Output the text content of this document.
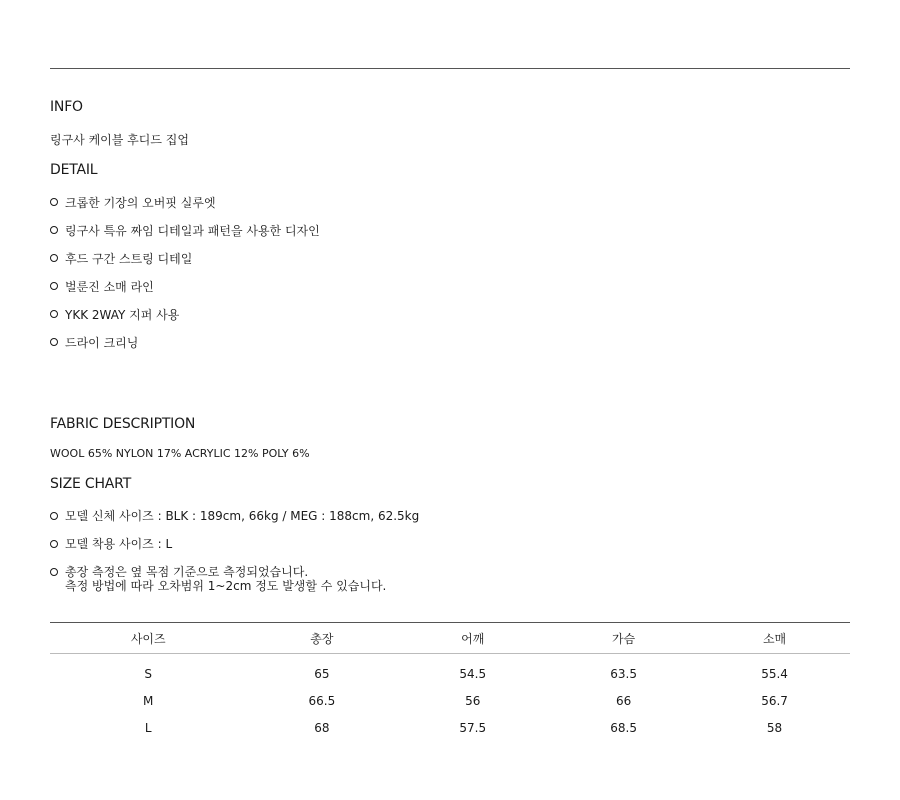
INFO
링구사 케이블 후디드 집업
DETAIL
크롭한 기장의 오버핏 실루엣
링구사 특유 짜임 디테일과 패턴을 사용한 디자인
후드 구간 스트링 디테일
벌룬진 소매 라인
YKK 2WAY 지퍼 사용
드라이 크리닝
FABRIC DESCRIPTION
WOOL 65% NYLON 17% ACRYLIC 12% POLY 6%
SIZE CHART
모델 신체 사이즈 : BLK : 189cm, 66kg / MEG : 188cm, 62.5kg
모델 착용 사이즈 : L
총장 측정은 옆 목점 기준으로 측정되었습니다.
측정 방법에 따라 오차범위 1~2cm 정도 발생할 수 있습니다.
사이즈	총장	어깨	가슴	소매
S	65	54.5	63.5	55.4
M	66.5	56	66	56.7
L	68	57.5	68.5	58
